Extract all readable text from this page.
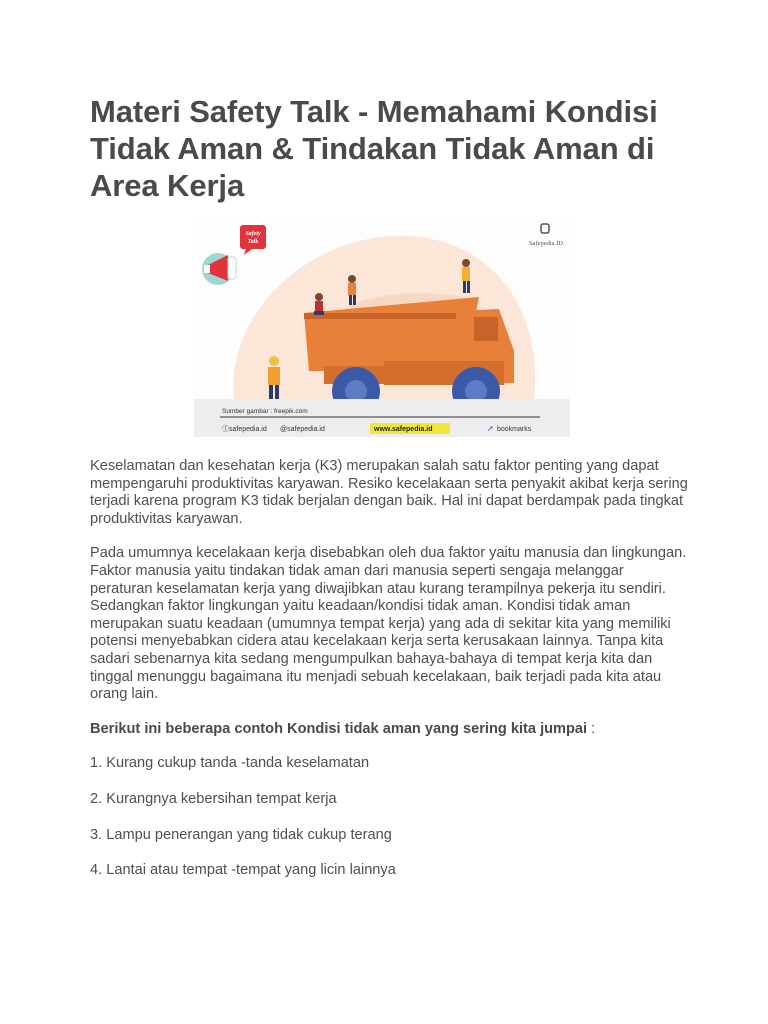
Materi Safety Talk - Memahami Kondisi Tidak Aman & Tindakan Tidak Aman di Area Kerja
Safety
Talk	Safepedia.ID
Sumber gambar : freepik.com
ⓕsafepedia.id @safepedia.id	www.safepedia.id	➚ bookmarks

Keselamatan dan kesehatan kerja (K3) merupakan salah satu faktor penting yang dapat mempengaruhi produktivitas karyawan. Resiko kecelakaan serta penyakit akibat kerja sering terjadi karena program K3 tidak berjalan dengan baik. Hal ini dapat berdampak pada tingkat produktivitas karyawan.

Pada umumnya kecelakaan kerja disebabkan oleh dua faktor yaitu manusia dan lingkungan. Faktor manusia yaitu tindakan tidak aman dari manusia seperti sengaja melanggar peraturan keselamatan kerja yang diwajibkan atau kurang terampilnya pekerja itu sendiri. Sedangkan faktor lingkungan yaitu keadaan/kondisi tidak aman. Kondisi tidak aman merupakan suatu keadaan (umumnya tempat kerja) yang ada di sekitar kita yang memiliki potensi menyebabkan cidera atau kecelakaan kerja serta kerusakaan lainnya. Tanpa kita sadari sebenarnya kita sedang mengumpulkan bahaya-bahaya di tempat kerja kita dan tinggal menunggu bagaimana itu menjadi sebuah kecelakaan, baik terjadi pada kita atau orang lain.

Berikut ini beberapa contoh Kondisi tidak aman yang sering kita jumpai :

1. Kurang cukup tanda -tanda keselamatan
2. Kurangnya kebersihan tempat kerja
3. Lampu penerangan yang tidak cukup terang
4. Lantai atau tempat -tempat yang licin lainnya
